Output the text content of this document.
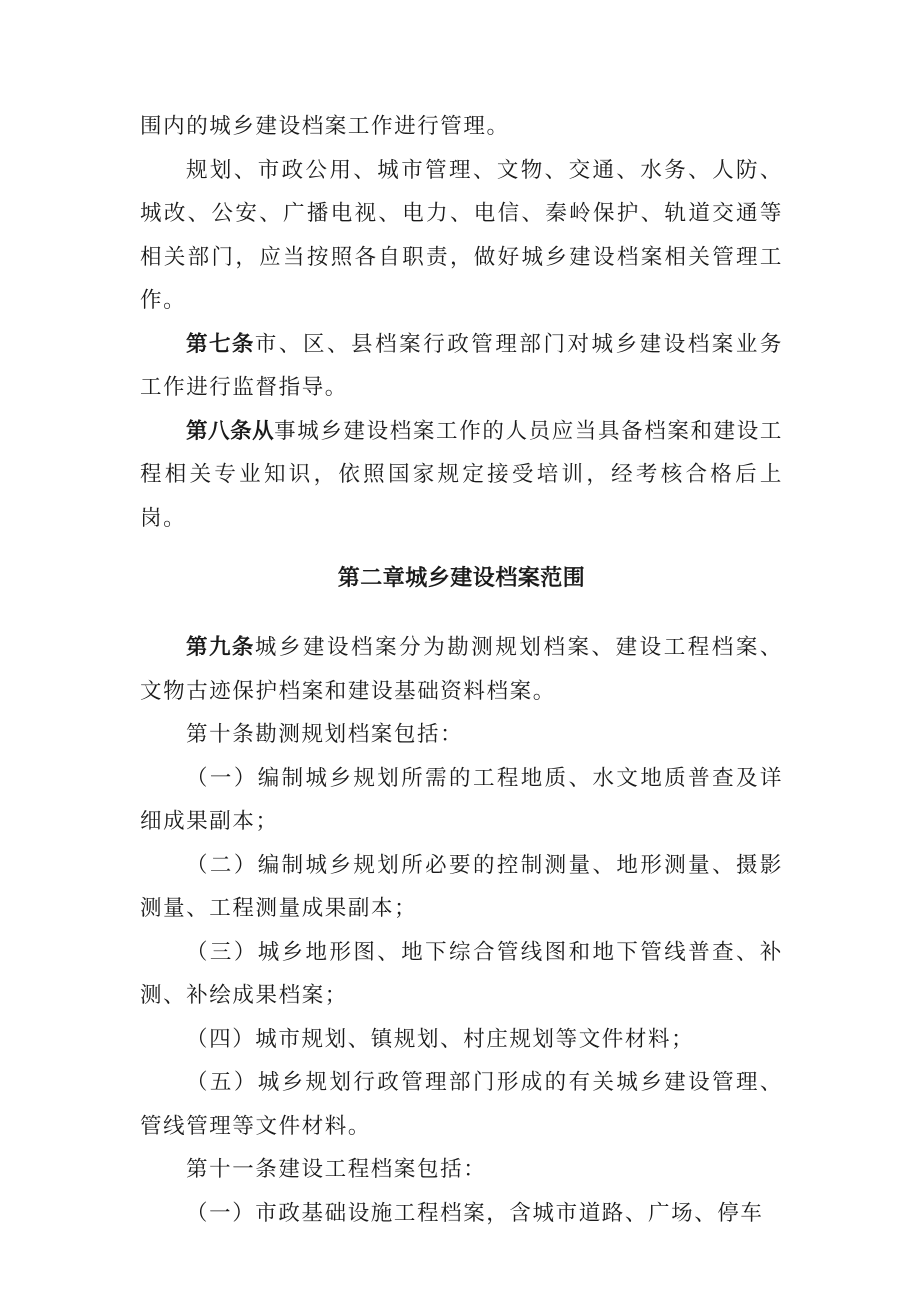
围内的城乡建设档案工作进行管理。

规划、市政公用、城市管理、文物、交通、水务、人防、城改、公安、广播电视、电力、电信、秦岭保护、轨道交通等相关部门，应当按照各自职责，做好城乡建设档案相关管理工作。

第七条市、区、县档案行政管理部门对城乡建设档案业务工作进行监督指导。

第八条从事城乡建设档案工作的人员应当具备档案和建设工程相关专业知识，依照国家规定接受培训，经考核合格后上岗。

第二章城乡建设档案范围

第九条城乡建设档案分为勘测规划档案、建设工程档案、文物古迹保护档案和建设基础资料档案。

第十条勘测规划档案包括：

（一）编制城乡规划所需的工程地质、水文地质普查及详细成果副本；

（二）编制城乡规划所必要的控制测量、地形测量、摄影测量、工程测量成果副本；

（三）城乡地形图、地下综合管线图和地下管线普查、补测、补绘成果档案；

（四）城市规划、镇规划、村庄规划等文件材料；

（五）城乡规划行政管理部门形成的有关城乡建设管理、管线管理等文件材料。

第十一条建设工程档案包括：

（一）市政基础设施工程档案，含城市道路、广场、停车
